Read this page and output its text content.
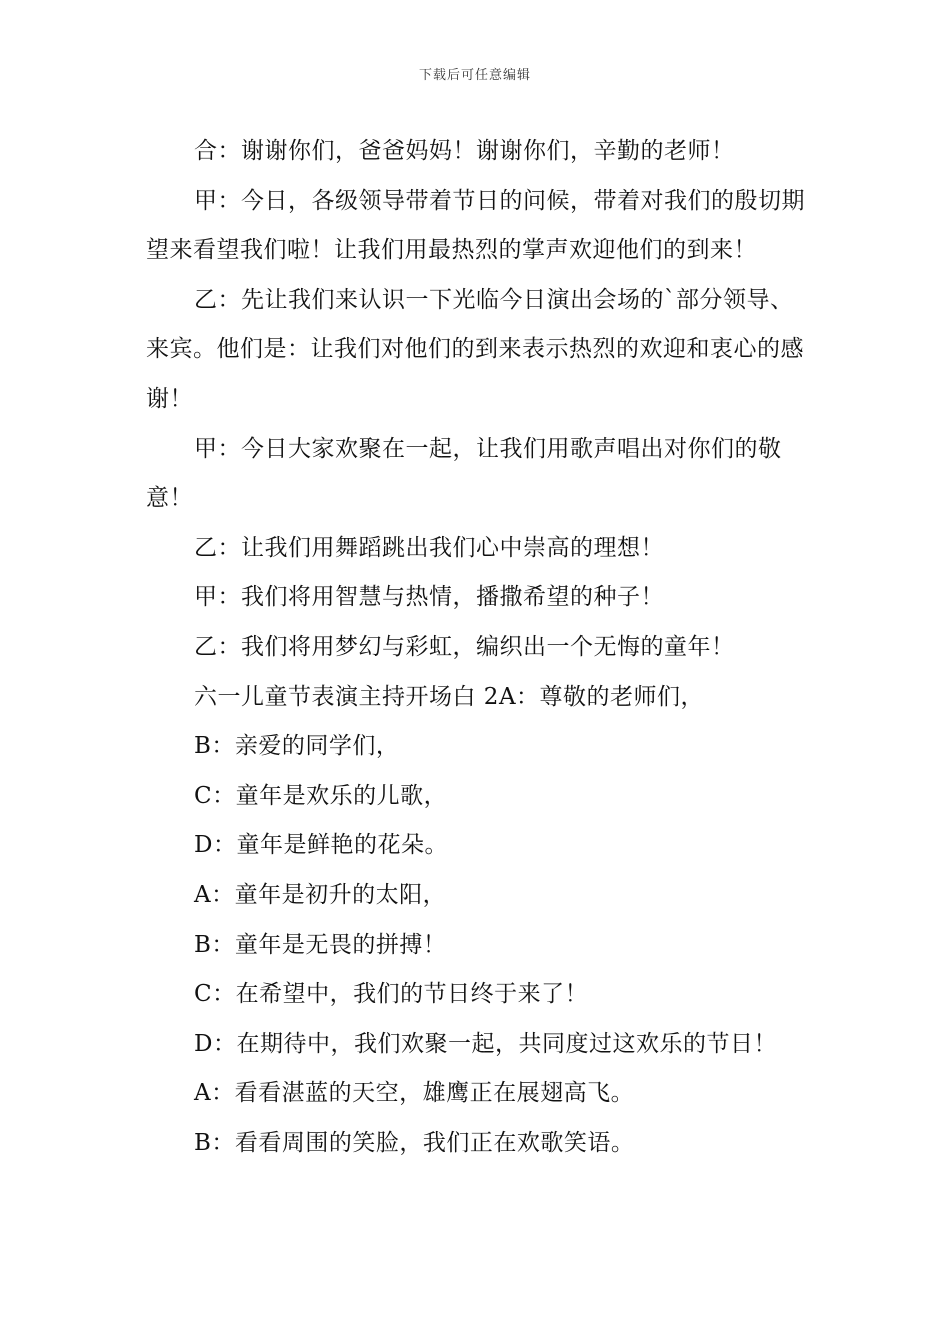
下载后可任意编辑

合：谢谢你们，爸爸妈妈！谢谢你们，辛勤的老师！

甲：今日，各级领导带着节日的问候，带着对我们的殷切期望来看望我们啦！让我们用最热烈的掌声欢迎他们的到来！

乙：先让我们来认识一下光临今日演出会场的`部分领导、来宾。他们是：让我们对他们的到来表示热烈的欢迎和衷心的感谢！

甲：今日大家欢聚在一起，让我们用歌声唱出对你们的敬意！

乙：让我们用舞蹈跳出我们心中崇高的理想！

甲：我们将用智慧与热情，播撒希望的种子！

乙：我们将用梦幻与彩虹，编织出一个无悔的童年！

六一儿童节表演主持开场白 2A：尊敬的老师们，

B：亲爱的同学们，

C：童年是欢乐的儿歌，

D：童年是鲜艳的花朵。

A：童年是初升的太阳，

B：童年是无畏的拼搏！

C：在希望中，我们的节日终于来了！

D：在期待中，我们欢聚一起，共同度过这欢乐的节日！

A：看看湛蓝的天空，雄鹰正在展翅高飞。

B：看看周围的笑脸，我们正在欢歌笑语。
